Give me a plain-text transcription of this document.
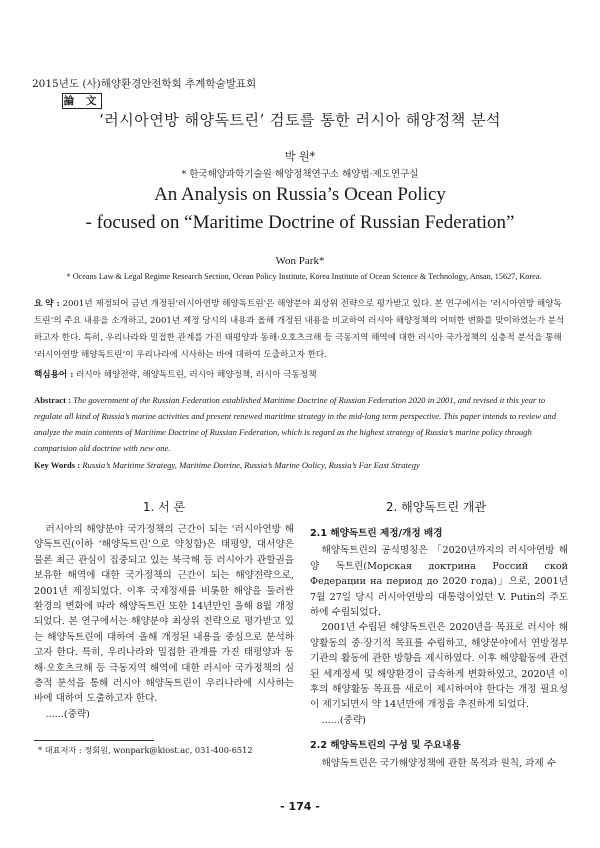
2015년도 (사)해양환경안전학회 추계학술발표회
論 文
‘러시아연방 해양독트린’ 검토를 통한 러시아 해양정책 분석
박 원*
* 한국해양과학기술원 해양정책연구소 해양법·제도연구실
An Analysis on Russia’s Ocean Policy
- focused on “Maritime Doctrine of Russian Federation”
Won Park*
* Oceans Law & Legal Regime Research Section, Ocean Policy Institute, Korea Institute of Ocean Science & Technology, Ansan, 15627, Korea.
요 약 : 2001년 제정되어 금년 개정된'러시아연방 해양독트린'은 해양분야 최상위 전략으로 평가받고 있다. 본 연구에서는 ‘러시아연방 해양독트린’의 주요 내용을 소개하고, 2001년 제정 당시의 내용과 올해 개정된 내용을 비교하여 러시아 해양정책의 어떠한 변화를 맞이하였는가 분석하고자 한다. 특히, 우리나라와 밀접한 관계를 가진 태평양과 동해·오호츠크해 등 극동지역 해역에 대한 러시아 국가정책의 심층적 분석을 통해 ‘러시아연방 해양독트린’이 우리나라에 시사하는 바에 대하여 도출하고자 한다.
핵심용어 : 러시아 해양전략, 해양독트린, 러시아 해양정책, 러시아 극동정책
Abstract : The government of the Russian Federation established Maritime Doctrine of Russian Federation 2020 in 2001, and revised it this year to regulate all kind of Russia’s marine activities and present renewed maritime strategy in the mid-long term perspective. This paper intends to review and analyze the main contents of Maritime Doctrine of Russian Federation, which is regard as the highest strategy of Russia’s marine policy through comparision old doctrine with new one.
Key Words : Russia’s Maritime Strategy, Maritime Dotrine, Russia’s Marine Oolicy, Russia’s Far East Strategy
1. 서 론	2. 해양독트린 개관

러시아의 해양분야 국가정책의 근간이 되는 ‘러시아연방 해양독트린(이하 ‘해양독트린’으로 약칭함)은 태평양, 대서양은 물론 최근 관심이 집중되고 있는 북극해 등 러시아가 관할권을 보유한 해역에 대한 국가정책의 근간이 되는 해양전략으로, 2001년 제정되었다. 이후 국제정세를 비롯한 해양을 둘러싼 환경의 변화에 따라 해양독트린 또한 14년만인 올해 8월 개정되었다. 본 연구에서는 해양분야 최상위 전략으로 평가받고 있는 해양독트린에 대하여 올해 개정된 내용을 중심으로 분석하고자 한다. 특히, 우리나라와 밀접한 관계를 가진 태평양과 동해·오호츠크해 등 극동지역 해역에 대한 러시아 국가정책의 심층적 분석을 통해 러시아 해양독트린이 우리나라에 시사하는 바에 대하여 도출하고자 한다.

......(중략)

2.1 해양독트린 제정/개정 배경

해양독트린의 공식명칭은 「2020년까지의 러시아연방 해양 독트린(Морская доктрина Россий ской Федерации на период до 2020 года)」으로, 2001년 7월 27일 당시 러시아연방의 대통령이었던 V. Putin의 주도 하에 수립되었다.

2001년 수립된 해양독트린은 2020년을 목표로 러시아 해양활동의 중·장기적 목표를 수립하고, 해양분야에서 연방정부기관의 활동에 관한 방향을 제시하였다. 이후 해양활동에 관련된 세계정세 및 해양환경이 급속하게 변화하였고, 2020년 이후의 해양활동 목표를 새로이 제시하여야 한다는 개정 필요성이 제기되면서 약 14년만에 개정을 추진하게 되었다.

......(중략)

2.2 해양독트린의 구성 및 주요내용

해양독트린은 국가해양정책에 관한 목적과 원칙, 과제 수

* 대표저자 : 정회원, wonpark@kiost.ac, 031-400-6512
- 174 -
